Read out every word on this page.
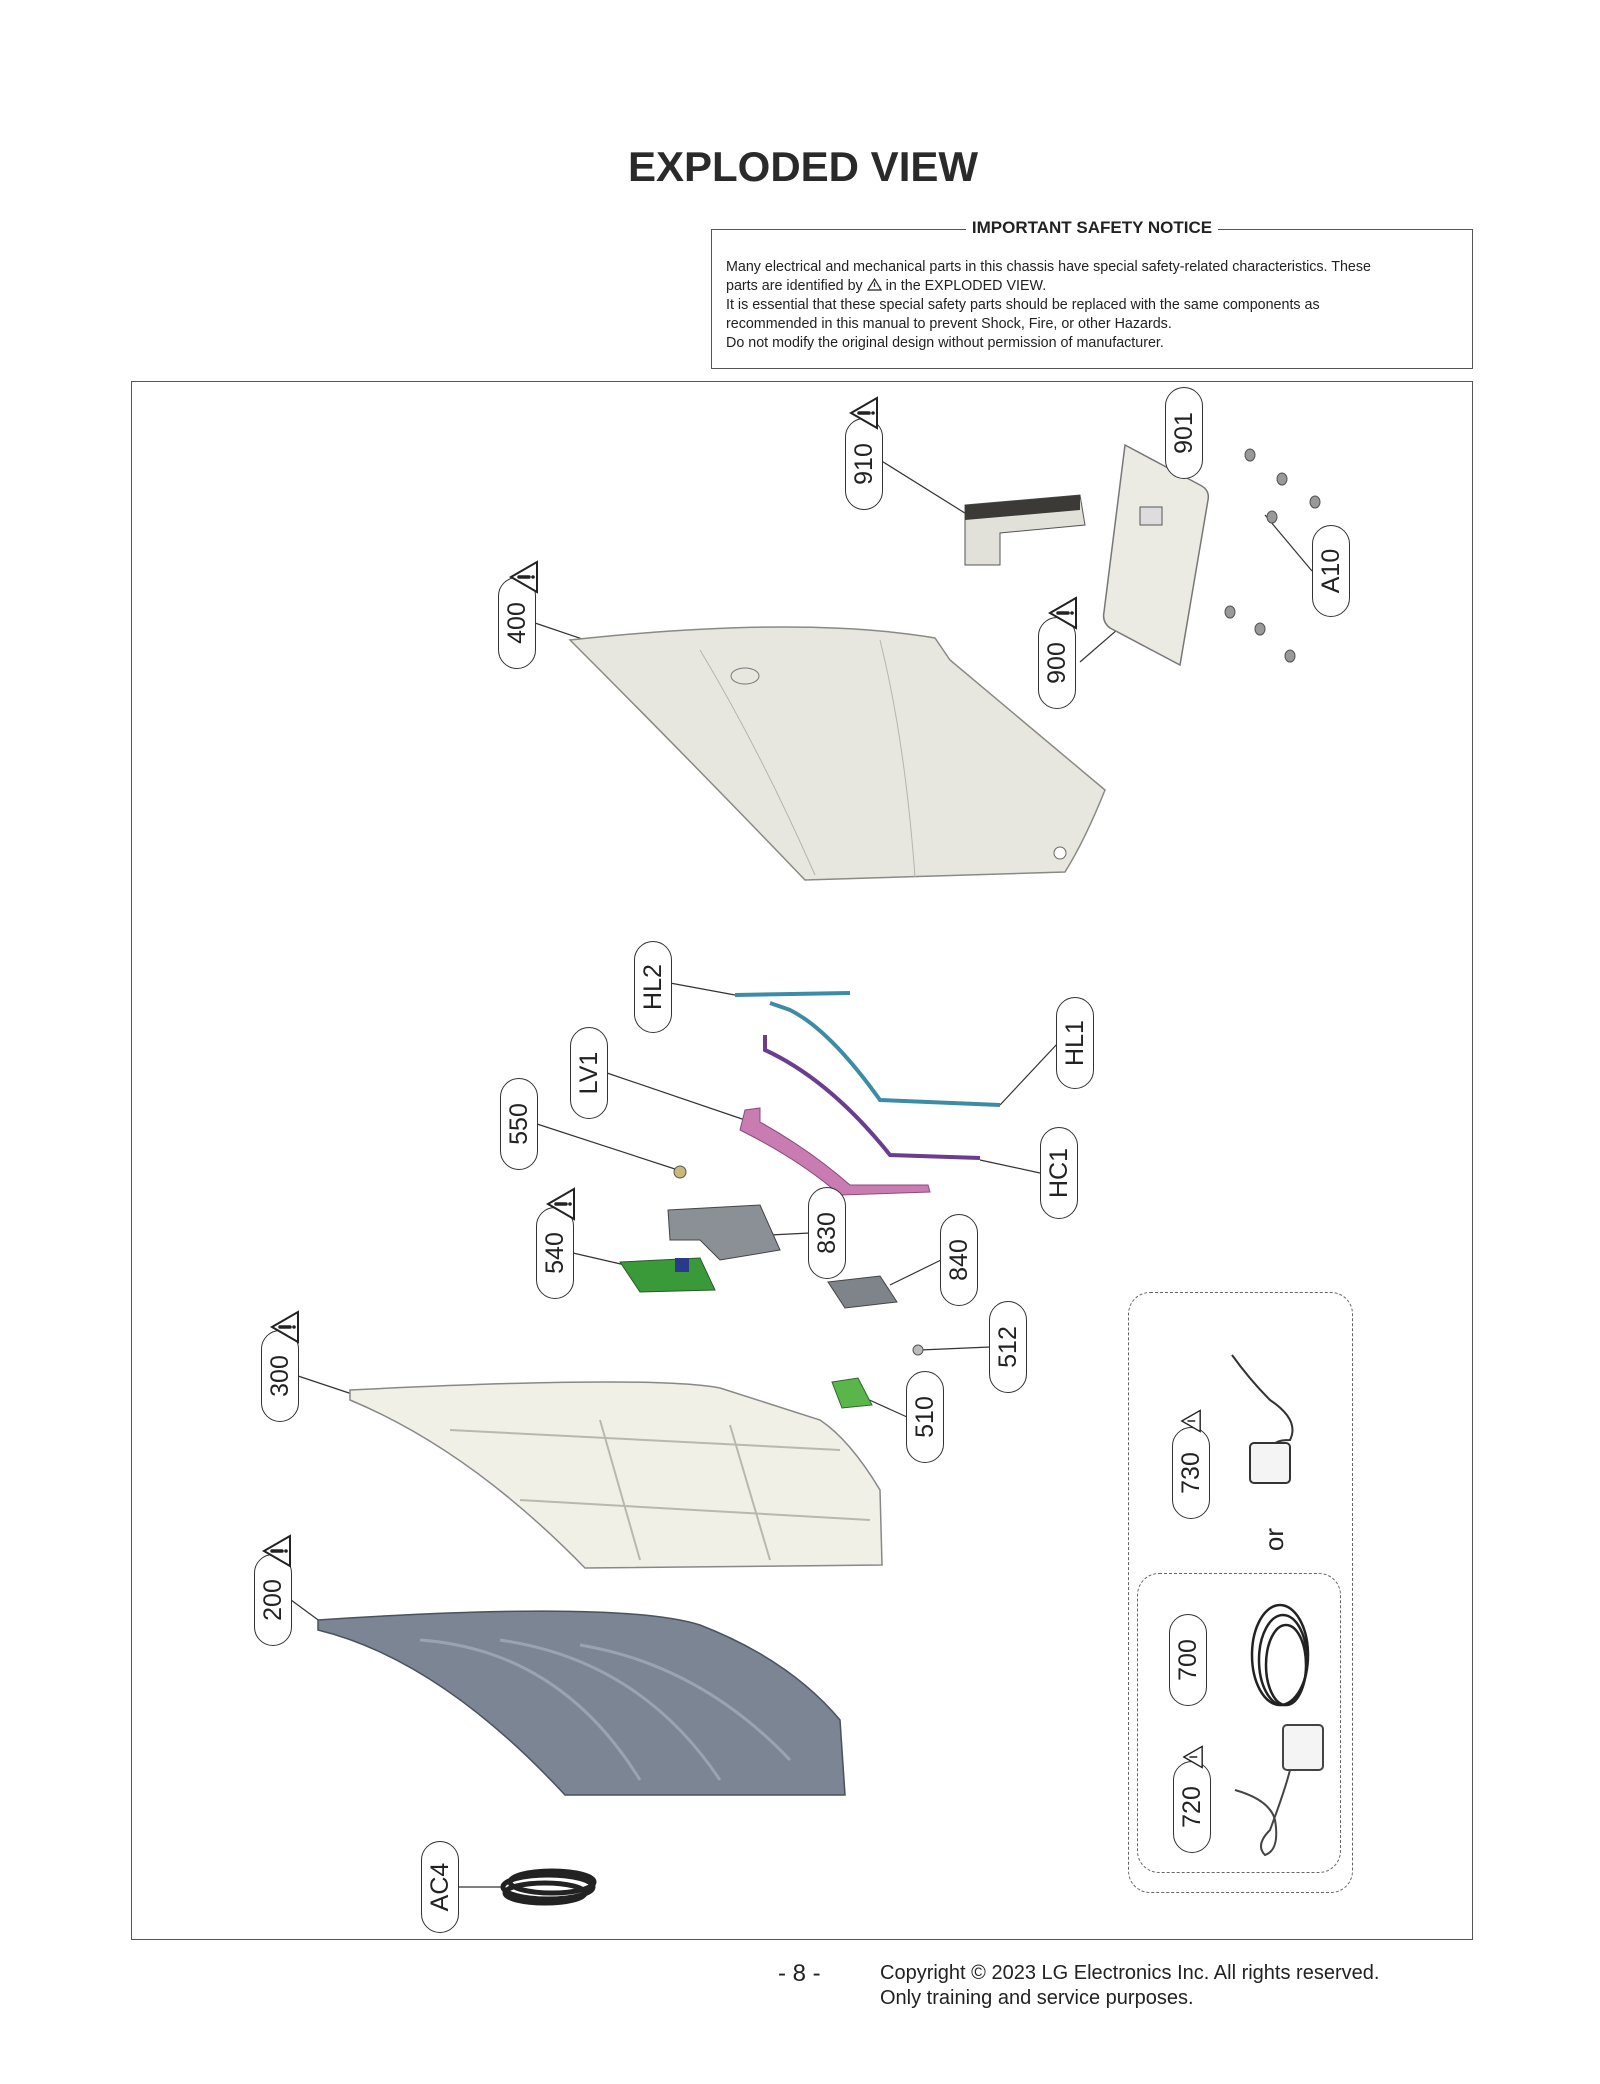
EXPLODED VIEW
IMPORTANT SAFETY NOTICE
Many electrical and mechanical parts in this chassis have special safety-related characteristics. These
parts are identified by in the EXPLODED VIEW.
It is essential that these special safety parts should be replaced with the same components as
recommended in this manual to prevent Shock, Fire, or other Hazards.
Do not modify the original design without permission of manufacturer.
910
901
A10
900
400
HL2
HL1
LV1
550
HC1
830
540	840
512
300
510
730
200
700
720
AC4
or
- 8 -	Copyright © 2023 LG Electronics Inc. All rights reserved.
Only training and service purposes.
